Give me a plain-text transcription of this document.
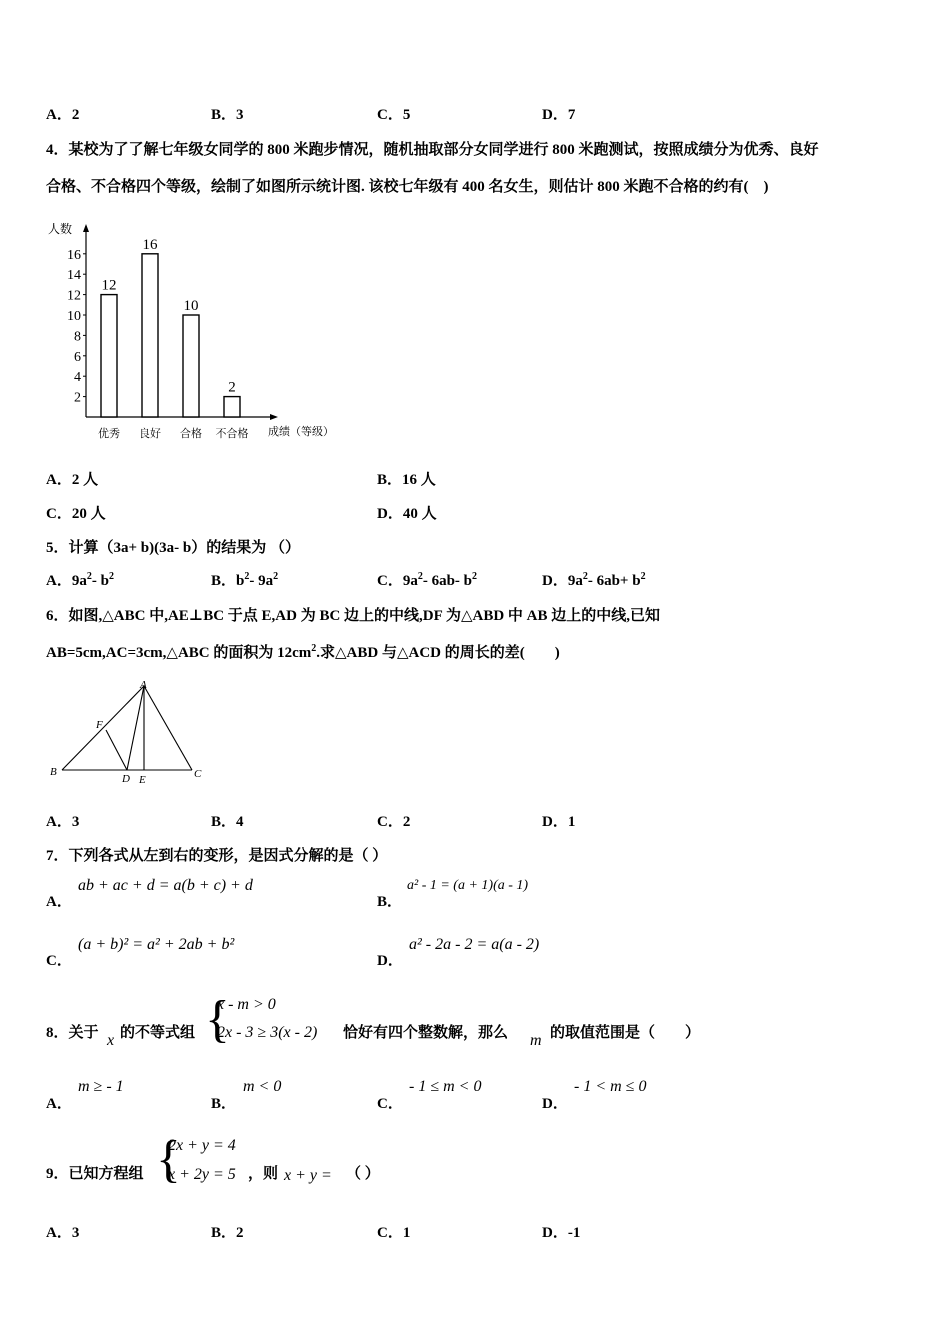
A．2	B．3	C．5	D．7
4．某校为了了解七年级女同学的 800 米跑步情况，随机抽取部分女同学进行 800 米跑测试，按照成绩分为优秀、良好
合格、不合格四个等级，绘制了如图所示统计图. 该校七年级有 400 名女生，则估计 800 米跑不合格的约有(　)
人数
2
4
6
8
10
12
14
16
12
优秀
16
良好
10
合格
2
不合格 成绩（等级）
A．2 人	B．16 人
C．20 人	D．40 人
5．计算（3a+ b)(3a- b）的结果为 （）
A．$9a^2-$ $b^2$	B．$b^2-$ $9a^2$	C．$9a^2-$ 6ab- $b^2$	D．$9a^2-$ $6ab+ b^2$
6．如图,△ABC 中,AE⊥BC 于点 E,AD 为 BC 边上的中线,DF 为△ABD 中 AB 边上的中线,已知
AB=5cm,AC=3cm,△ABC 的面积为 $12cm^2$.求△ABD 与△ACD 的周长的差(　　)
A
F
B
D E	C
A．3	B．4	C．2	D．1
7．下列各式从左到右的变形，是因式分解的是（ ）
A．
ab + ac + d = a(b + c) + d
B．
a² - 1 = (a + 1)(a - 1)
C．
(a + b)² = a² + 2ab + b²
D．
a² - 2a - 2 = a(a - 2)
8．关于 x 的不等式组 {
x - m > 0
2x - 3 ≥ 3(x - 2) 恰好有四个整数解，那么 m 的取值范围是（　　）
A．
m ≥ - 1
B．
m < 0
C．
- 1 ≤ m < 0
D．
- 1 < m ≤ 0
9．已知方程组 {
2x + y = 4
x + 2y = 5 ，则 x + y = （ ）
A．3	B．2	C．1	D．-1
